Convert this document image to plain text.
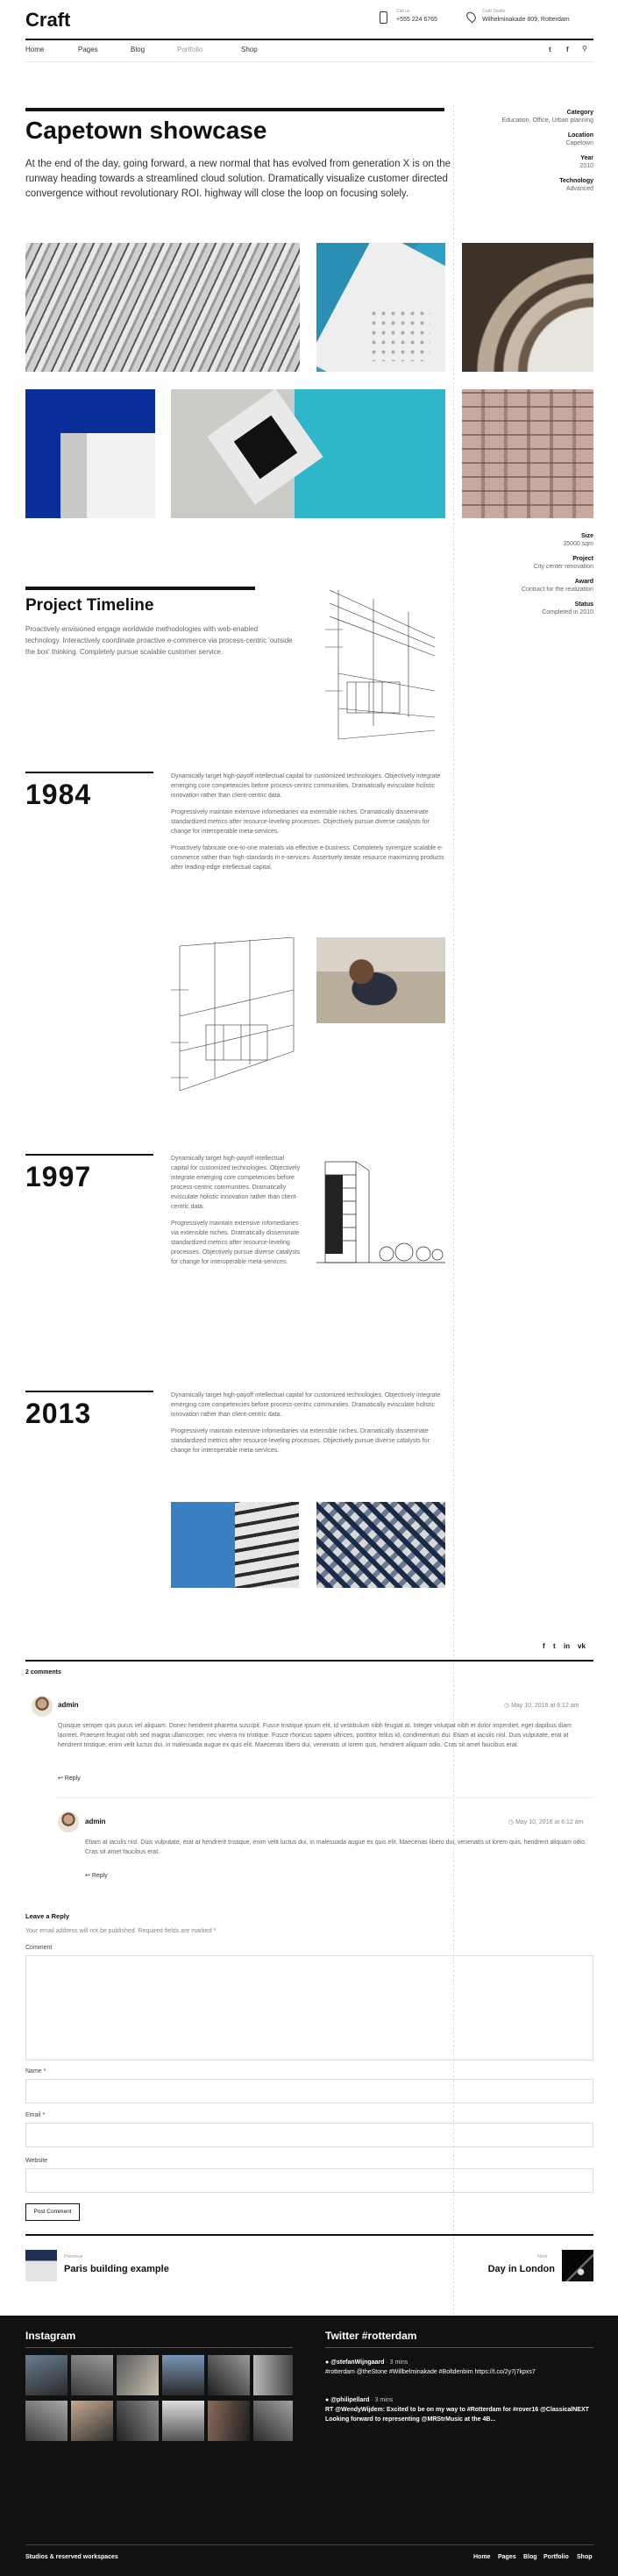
Craft	Call us
+555 224 6765
Craft Studio
Wilhelminakade 809, Rotterdam
Home	Pages	Blog	Portfolio	Shop	t f ⚲
Capetown showcase

At the end of the day, going forward, a new normal that has evolved from generation X is on the runway heading towards a streamlined cloud solution. Dramatically visualize customer directed convergence without revolutionary ROI. highway will close the loop on focusing solely.

Category
Education, Office, Urban planning
Location
Capetown
Year
2010
Technology
Advanced
Size
35000 sqm
Project
City center renovation
Award
Contract for the realization
Status
Completed in 2010
Project Timeline

Proactively envisioned engage worldwide methodologies with web-enabled technology. Interactively coordinate proactive e-commerce via process-centric 'outside the box' thinking. Completely pursue scalable customer service.

1984

Dynamically target high-payoff intellectual capital for customized technologies. Objectively integrate emerging core competencies before process-centric communities. Dramatically evisculate holistic innovation rather than client-centric data.

Progressively maintain extensive infomediaries via extensible niches. Dramatically disseminate standardized metrics after resource-leveling processes. Objectively pursue diverse catalysts for change for interoperable meta-services.

Proactively fabricate one-to-one materials via effective e-business. Completely synergize scalable e-commerce rather than high-standards in e-services. Assertively iterate resource maximizing products after leading-edge intellectual capital.

1997

Dynamically target high-payoff intellectual capital for customized technologies. Objectively integrate emerging core competencies before process-centric communities. Dramatically evisculate holistic innovation rather than client-centric data.

Progressively maintain extensive infomediaries via extensible niches. Dramatically disseminate standardized metrics after resource-leveling processes. Objectively pursue diverse catalysts for change for interoperable meta-services.

2013

Dynamically target high-payoff intellectual capital for customized technologies. Objectively integrate emerging core competencies before process-centric communities. Dramatically evisculate holistic innovation rather than client-centric data.

Progressively maintain extensive infomediaries via extensible niches. Dramatically disseminate standardized metrics after resource-leveling processes. Objectively pursue diverse catalysts for change for interoperable meta-services.

f t in vk
2 comments
admin	◷ May 10, 2016 at 6:12 am

Quisque semper quis purus vel aliquam. Donec hendrerit pharetra suscipit. Fusce tristique ipsum elit, id vestibulum nibh feugiat at. Integer volutpat nibh et dolor imperdiet, eget dapibus diam laoreet. Praesent feugiat nibh sed magna ullamcorper, nec viverra mi tristique. Fusce rhoncus sapien ultrices, porttitor tellus id, condimentum dui. Etiam at iaculis nisl. Duis vulputate, erat at hendrerit tristique, enim velit luctus dui, in malesuada augue ex quis elit. Maecenas libero dui, venenatis ut lorem quis, hendrerit aliquam odio. Cras sit amet faucibus erat.

↩ Reply
admin	◷ May 10, 2016 at 6:12 am

Etiam at iaculis nisl. Duis vulputate, erat at hendrerit tristique, enim velit luctus dui, in malesuada augue ex quis elit. Maecenas libero dui, venenatis ut lorem quis, hendrerit aliquam odio. Cras sit amet faucibus erat.

↩ Reply
Leave a Reply
Your email address will not be published. Required fields are marked *
Comment
Name *
Email *
Website
Post Comment
Previous
Paris building example
Next
Day in London
Instagram	Twitter #rotterdam
● @stefanWijngaard · 3 mins
#rotterdam @theStone #Willbelminakade #Boltdenbim https://t.co/2y7j7kpxs7
● @philipellard · 3 mins
RT @WendyWijdem: Excited to be on my way to #Rotterdam for #rover16 @ClassicalNEXT Looking forward to representing @MRStrMusic at the 4B...
Studios & reserved workspaces	Home Pages Blog Portfolio Shop
